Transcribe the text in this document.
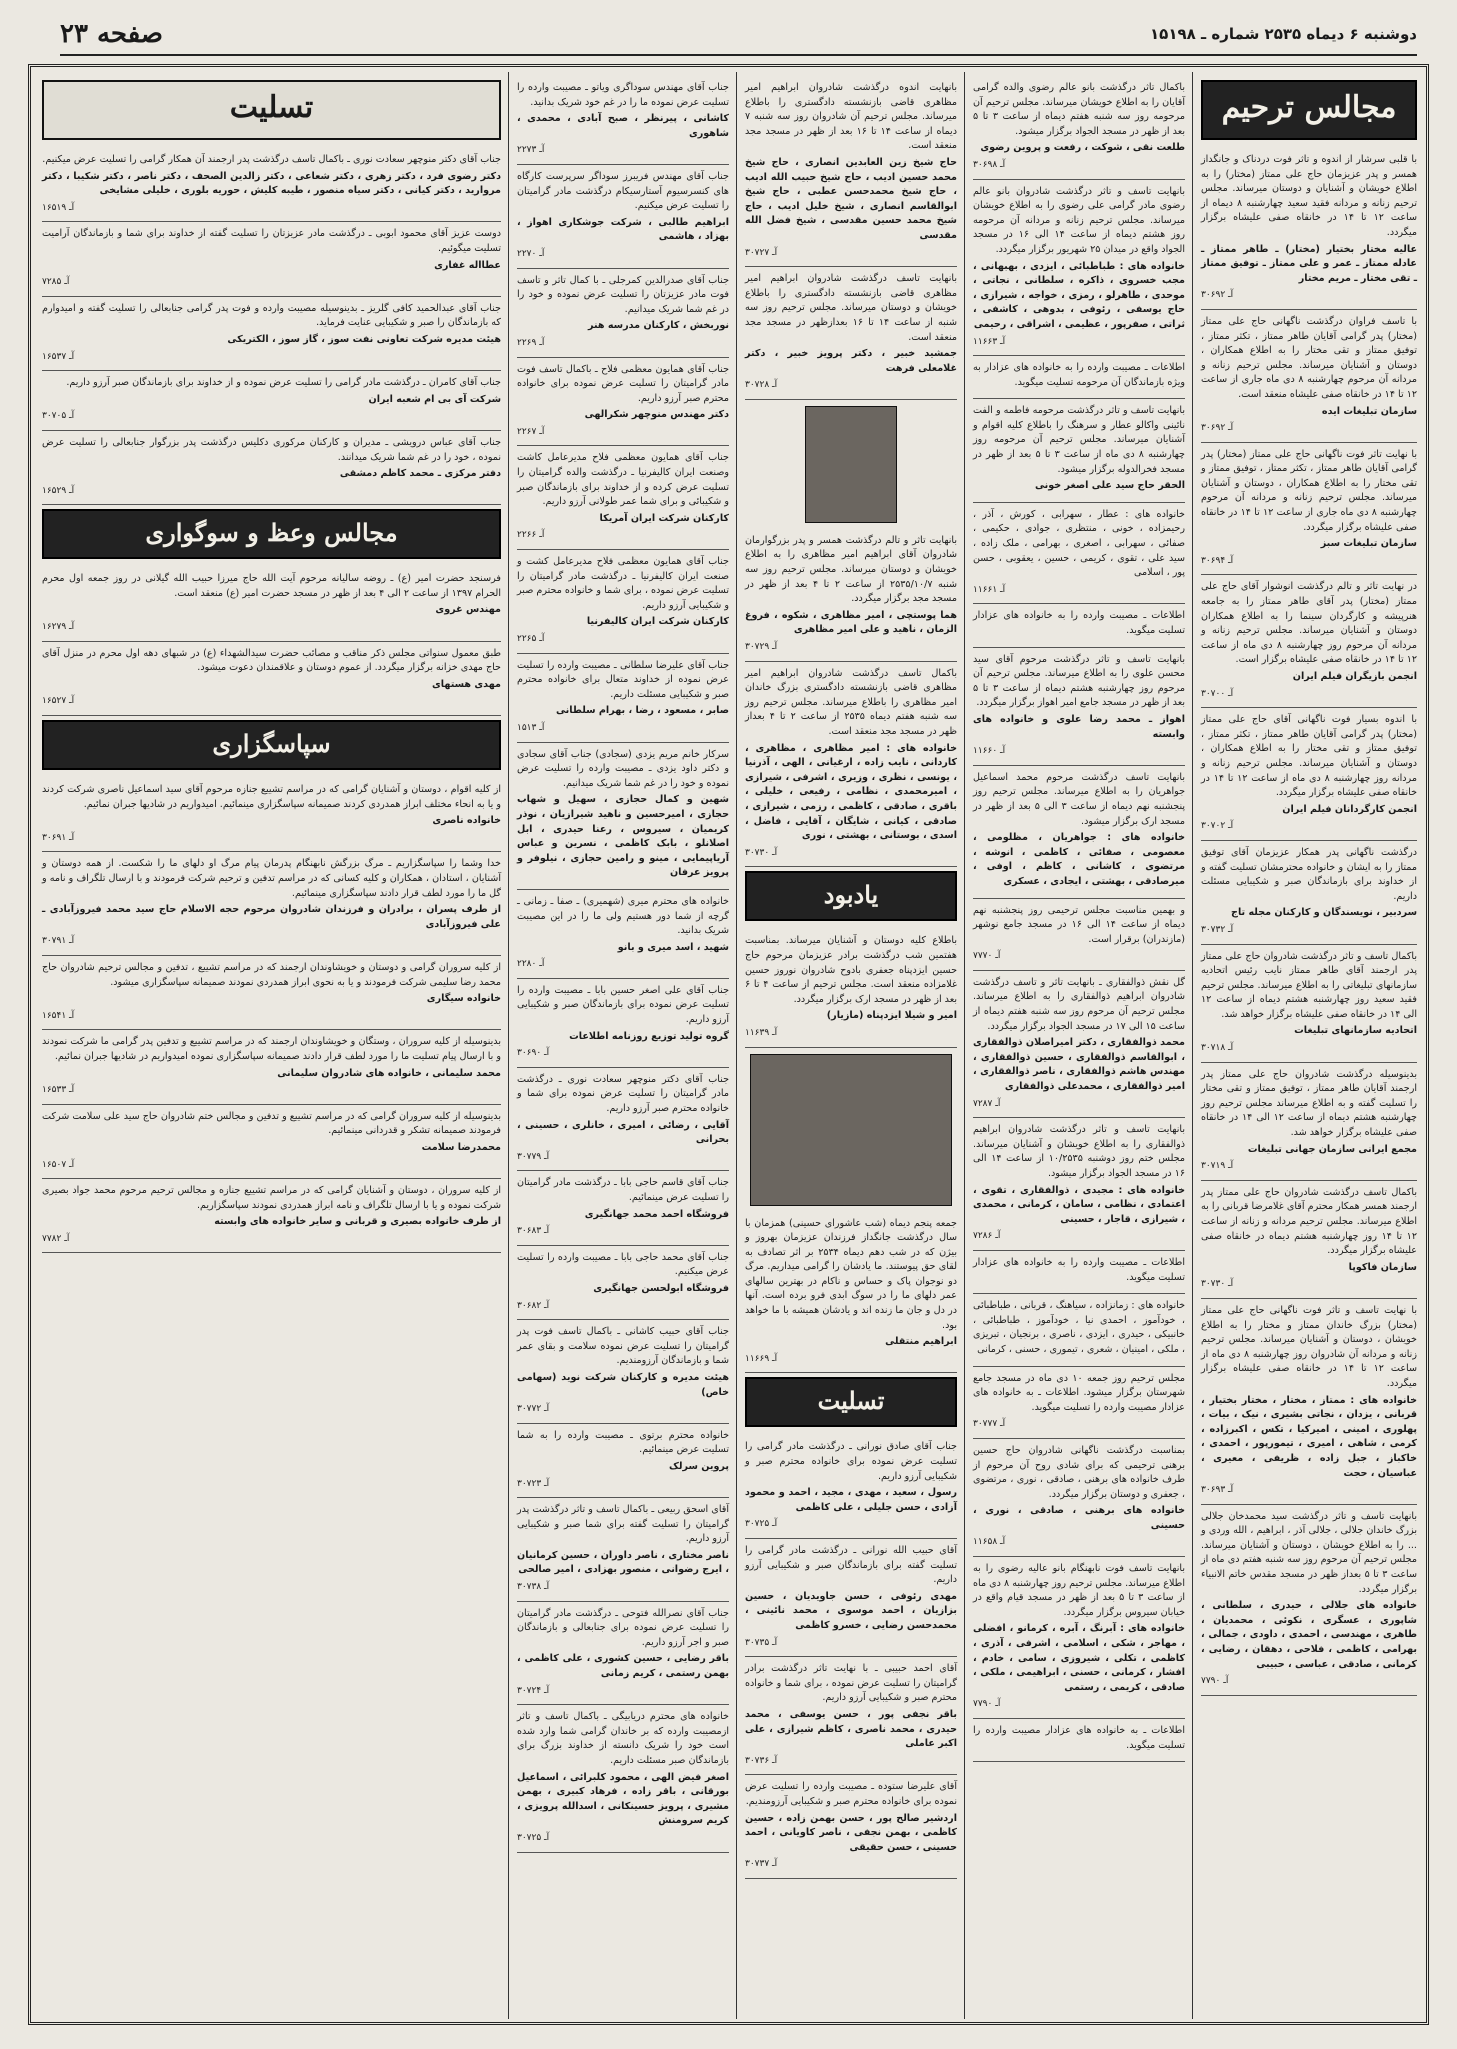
دوشنبه ۶ دیماه ۲۵۳۵ شماره ـ ۱۵۱۹۸
صفحه ۲۳
مجالس ترحیم

با قلبی سرشار از اندوه و تاثر فوت دردناک و جانگداز همسر و پدر عزیزمان حاج علی ممتاز (مختار) را به اطلاع خویشان و آشنایان و دوستان میرساند. مجلس ترحیم زنانه و مردانه فقید سعید چهارشنبه ۸ دیماه از ساعت ۱۲ تا ۱۴ در خانقاه صفی علیشاه برگزار میگردد.

عالیه مختار بختیار (مختار) ـ طاهر ممتاز ـ عادله ممتاز ـ عمر و علی ممتاز ـ توفیق ممتاز ـ تقی مختار ـ مریم مختار

آـ ۳۰۶۹۲

با تاسف فراوان درگذشت ناگهانی حاج علی ممتاز (مختار) پدر گرامی آقایان طاهر ممتاز ، تکثر ممتاز ، توفیق ممتاز و تقی مختار را به اطلاع همکاران ، دوستان و آشنایان میرساند. مجلس ترحیم زنانه و مردانه آن مرحوم چهارشنبه ۸ دی ماه جاری از ساعت ۱۲ تا ۱۴ در خانقاه صفی علیشاه منعقد است.

سازمان تبلیغات ایده

آـ ۳۰۶۹۲

با نهایت تاثر فوت ناگهانی حاج علی ممتاز (مختار) پدر گرامی آقایان طاهر ممتاز ، تکثر ممتاز ، توفیق ممتاز و تقی مختار را به اطلاع همکاران ، دوستان و آشنایان میرساند. مجلس ترحیم زنانه و مردانه آن مرحوم چهارشنبه ۸ دی ماه جاری از ساعت ۱۲ تا ۱۴ در خانقاه صفی علیشاه برگزار میگردد.

سازمان تبلیغات سبز

آـ ۳۰۶۹۴

در نهایت تاثر و تالم درگذشت انوشوار آقای حاج علی ممتاز (مختار) پدر آقای طاهر ممتاز را به جامعه هنرپیشه و کارگردان سینما را به اطلاع همکاران دوستان و آشنایان میرساند. مجلس ترحیم زنانه و مردانه آن مرحوم روز چهارشنبه ۸ دی ماه از ساعت ۱۲ تا ۱۴ در خانقاه صفی علیشاه برگزار است.

انجمن بازیگران فیلم ایران

آـ ۳۰۷۰۰

با اندوه بسیار فوت ناگهانی آقای حاج علی ممتاز (مختار) پدر گرامی آقایان طاهر ممتاز ، تکثر ممتاز ، توفیق ممتاز و تقی مختار را به اطلاع همکاران ، دوستان و آشنایان میرساند. مجلس ترحیم زنانه و مردانه روز چهارشنبه ۸ دی ماه از ساعت ۱۲ تا ۱۴ در خانقاه صفی علیشاه برگزار میگردد.

انجمن کارگردانان فیلم ایران

آـ ۳۰۷۰۲

درگذشت ناگهانی پدر همکار عزیزمان آقای توفیق ممتاز را به ایشان و خانواده محترمشان تسلیت گفته و از خداوند برای بازماندگان صبر و شکیبایی مسئلت داریم.

سردبیر ، نویسندگان و کارکنان مجله تاج

آـ ۳۰۷۳۲

باکمال تاسف و تاثر درگذشت شادروان حاج علی ممتاز پدر ارجمند آقای طاهر ممتاز نایب رئیس اتحادیه سازمانهای تبلیغاتی را به اطلاع میرساند. مجلس ترحیم فقید سعید روز چهارشنبه هشتم دیماه از ساعت ۱۲ الی ۱۴ در خانقاه صفی علیشاه برگزار خواهد شد.

اتحادیه سازمانهای تبلیغات

آـ ۳۰۷۱۸

بدینوسیله درگذشت شادروان حاج علی ممتاز پدر ارجمند آقایان طاهر ممتاز ، توفیق ممتاز و تقی مختار را تسلیت گفته و به اطلاع میرساند مجلس ترحیم روز چهارشنبه هشتم دیماه از ساعت ۱۲ الی ۱۴ در خانقاه صفی علیشاه برگزار خواهد شد.

مجمع ایرانی سازمان جهانی تبلیغات

آـ ۳۰۷۱۹

باکمال تاسف درگذشت شادروان حاج علی ممتاز پدر ارجمند همسر همکار محترم آقای غلامرضا قربانی را به اطلاع میرساند. مجلس ترحیم مردانه و زنانه از ساعت ۱۲ تا ۱۴ روز چهارشنبه هشتم دیماه در خانقاه صفی علیشاه برگزار میگردد.

سازمان فاکوپا

آـ ۳۰۷۳۰

با نهایت تاسف و تاثر فوت ناگهانی حاج علی ممتاز (مختار) بزرگ خاندان ممتاز و مختار را به اطلاع خویشان ، دوستان و آشنایان میرساند. مجلس ترحیم زنانه و مردانه آن شادروان روز چهارشنبه ۸ دی ماه از ساعت ۱۲ تا ۱۴ در خانقاه صفی علیشاه برگزار میگردد.

خانواده های : ممتاز ، مختار ، مختار بختیار ، قربانی ، یزدان ، نجاتی بشیری ، نیک ، بیات ، پهلوری ، امینی ، امیرکیا ، تکس ، اکبرزاده ، کرمی ، شاهی ، امیری ، تیمورپور ، احمدی ، خاکباز ، جبل زاده ، ظریفی ، معیری ، عباسیان ، حجت

آـ ۳۰۶۹۳

بانهایت تاسف و تاثر درگذشت سید محمدخان جلالی بزرگ خاندان جلالی ، جلالی آذر ، ابراهیم ، الله وردی و ... را به اطلاع خویشان ، دوستان و آشنایان میرساند. مجلس ترحیم آن مرحوم روز سه شنبه هفتم دی ماه از ساعت ۳ تا ۵ بعداز ظهر در مسجد مقدس خاتم الانبیاء برگزار میگردد.

خانواده های جلالی ، حیدری ، سلطانی ، شاپوری ، عسگری ، نکوئی ، محمدیان ، طاهری ، مهندسی ، احمدی ، داودی ، جمالی ، بهرامی ، کاظمی ، فلاحی ، دهقان ، رضایی ، کرمانی ، صادقی ، عباسی ، حبیبی

آـ ۷۷۹۰

باکمال تاثر درگذشت بانو عالم رضوی والده گرامی آقایان را به اطلاع خویشان میرساند. مجلس ترحیم آن مرحومه روز سه شنبه هفتم دیماه از ساعت ۳ تا ۵ بعد از ظهر در مسجد الجواد برگزار میشود.

طلعت نقی ، شوکت ، رفعت و پروین رضوی

آـ ۳۰۶۹۸

بانهایت تاسف و تاثر درگذشت شادروان بانو عالم رضوی مادر گرامی علی رضوی را به اطلاع خویشان میرساند. مجلس ترحیم زنانه و مردانه آن مرحومه روز هشتم دیماه از ساعت ۱۴ الی ۱۶ در مسجد الجواد واقع در میدان ۲۵ شهریور برگزار میگردد.

خانواده های : طباطبائی ، ایزدی ، بهبهانی ، مجب خسروی ، ذاکره ، سلطانی ، نجاتی ، موحدی ، طاهرلو ، رمزی ، خواجه ، شیرازی ، حاج یوسفی ، رئوفی ، بدوهی ، کاشفی ، ثراتی ، صفرپور ، عظیمی ، اشراقی ، رحیمی

آـ ۱۱۶۶۳

اطلاعات ـ مصیبت وارده را به خانواده های عزادار به ویژه بازماندگان آن مرحومه تسلیت میگوید.

بانهایت تاسف و تاثر درگذشت مرحومه فاطمه و الفت نائینی واکالو عطار و سرهنگ را باطلاع کلیه اقوام و آشنایان میرساند. مجلس ترحیم آن مرحومه روز چهارشنبه ۸ دی ماه از ساعت ۳ تا ۵ بعد از ظهر در مسجد فخرالدوله برگزار میشود.

الحقر حاج سید علی اصغر خونی

خانواده های : عطار ، سهرابی ، کورش ، آذر ، رحیمزاده ، خونی ، منتظری ، جوادی ، حکیمی ، صفائی ، سهرابی ، اصغری ، بهرامی ، ملک زاده ، سید علی ، تقوی ، کریمی ، حسین ، یعقوبی ، حسن پور ، اسلامی

آـ ۱۱۶۶۱

اطلاعات ـ مصیبت وارده را به خانواده های عزادار تسلیت میگوید.

بانهایت تاسف و تاثر درگذشت مرحوم آقای سید محسن علوی را به اطلاع میرساند. مجلس ترحیم آن مرحوم روز چهارشنبه هشتم دیماه از ساعت ۳ تا ۵ بعد از ظهر در مسجد جامع امیر اهواز برگزار میگردد.

اهواز ـ محمد رضا علوی و خانواده های وابسته

آـ ۱۱۶۶۰

بانهایت تاسف درگذشت مرحوم محمد اسماعیل جواهریان را به اطلاع میرساند. مجلس ترحیم روز پنجشنبه نهم دیماه از ساعت ۳ الی ۵ بعد از ظهر در مسجد ارک برگزار میشود.

خانواده های : جواهریان ، مظلومی ، معصومی ، صفائی ، کاظمی ، انوشه ، مرتضوی ، کاشانی ، کاظم ، اوفی ، میرصادقی ، بهشتی ، ایجادی ، عسکری

و بهمین مناسبت مجلس ترحیمی روز پنجشنبه نهم دیماه از ساعت ۱۴ الی ۱۶ در مسجد جامع نوشهر (مازندران) برقرار است.

آـ ۷۷۷۰

گل نقش ذوالفقاری ـ بانهایت تاثر و تاسف درگذشت شادروان ابراهیم ذوالفقاری را به اطلاع میرساند. مجلس ترحیم آن مرحوم روز سه شنبه هفتم دیماه از ساعت ۱۵ الی ۱۷ در مسجد الجواد برگزار میگردد.

محمد ذوالفقاری ، دکتر امیراصلان ذوالفقاری ، ابوالقاسم ذوالفقاری ، حسین ذوالفقاری ، مهندس هاشم ذوالفقاری ، ناصر ذوالفقاری ، امیر ذوالفقاری ، محمدعلی ذوالفقاری

آـ ۷۲۸۷

بانهایت تاسف و تاثر درگذشت شادروان ابراهیم ذوالفقاری را به اطلاع خویشان و آشنایان میرساند. مجلس ختم روز دوشنبه ۱۰/۲۵۳۵ از ساعت ۱۴ الی ۱۶ در مسجد الجواد برگزار میشود.

خانواده های : مجیدی ، ذوالفقاری ، تقوی ، اعتمادی ، نظامی ، سامان ، کرمانی ، محمدی ، شیرازی ، قاجار ، حسینی

آـ ۷۲۸۶

اطلاعات ـ مصیبت وارده را به خانواده های عزادار تسلیت میگوید.

خانواده های : زمانزاده ، سیاهنگ ، قربانی ، طباطبائی ، خودآموز ، احمدی نیا ، خودآموز ، طباطبائی ، خانبیکی ، حیدری ، ایزدی ، ناصری ، برنجیان ، تبریزی ، ملکی ، امینیان ، شعری ، تیموری ، حسنی ، کرمانی

مجلس ترحیم روز جمعه ۱۰ دی ماه در مسجد جامع شهرستان برگزار میشود. اطلاعات ـ به خانواده های عزادار مصیبت وارده را تسلیت میگوید.

آـ ۳۰۷۷۷

بمناسبت درگذشت ناگهانی شادروان حاج حسین برهنی ترحیمی که برای شادی روح آن مرحوم از طرف خانواده های برهنی ، صادقی ، نوری ، مرتضوی ، جعفری و دوستان برگزار میگردد.

خانواده های برهنی ، صادقی ، نوری ، حسینی

آـ ۱۱۶۵۸

بانهایت تاسف فوت نابهنگام بانو عالیه رضوی را به اطلاع میرساند. مجلس ترحیم روز چهارشنبه ۸ دی ماه از ساعت ۳ تا ۵ بعد از ظهر در مسجد قیام واقع در خیابان سیروس برگزار میگردد.

خانواده های : آبرنگ ، آبره ، کرمانو ، افضلی ، مهاجر ، شکی ، اسلامی ، اشرفی ، آذری ، کاظمی ، تکلی ، شیروزی ، سامی ، خادم ، افشار ، کرمانی ، حسنی ، ابراهیمی ، ملکی ، صادقی ، کریمی ، رستمی

آـ ۷۷۹۰

اطلاعات ـ به خانواده های عزادار مصیبت وارده را تسلیت میگوید.

بانهایت اندوه درگذشت شادروان ابراهیم امیر مظاهری قاضی بازنشسته دادگستری را باطلاع میرساند. مجلس ترحیم آن شادروان روز سه شنبه ۷ دیماه از ساعت ۱۴ تا ۱۶ بعد از ظهر در مسجد مجد منعقد است.

حاج شیخ زین العابدین انصاری ، حاج شیخ محمد حسین ادیب ، حاج شیخ حبیب الله ادیب ، حاج شیخ محمدحسن عطبی ، حاج شیخ ابوالقاسم انصاری ، شیخ خلیل ادیب ، حاج شیخ محمد حسین مقدسی ، شیخ فضل الله مقدسی

آـ ۳۰۷۲۷

بانهایت تاسف درگذشت شادروان ابراهیم امیر مظاهری قاضی بازنشسته دادگستری را باطلاع خویشان و دوستان میرساند. مجلس ترحیم روز سه شنبه از ساعت ۱۴ تا ۱۶ بعدازظهر در مسجد مجد منعقد است.

جمشید خبیر ، دکتر پرویز خبیر ، دکتر غلامعلی فرهت

آـ ۳۰۷۲۸

بانهایت تاثر و تالم درگذشت همسر و پدر بزرگوارمان شادروان آقای ابراهیم امیر مظاهری را به اطلاع خویشان و دوستان میرساند. مجلس ترحیم روز سه شنبه ۲۵۳۵/۱۰/۷ از ساعت ۲ تا ۴ بعد از ظهر در مسجد مجد برگزار میگردد.

هما پوستچی ، امیر مظاهری ، شکوه ، فروغ الزمان ، ناهید و علی امیر مظاهری

آـ ۳۰۷۲۹

باکمال تاسف درگذشت شادروان ابراهیم امیر مظاهری قاضی بازنشسته دادگستری بزرگ خاندان امیر مظاهری را باطلاع میرساند. مجلس ترحیم روز سه شنبه هفتم دیماه ۲۵۳۵ از ساعت ۲ تا ۴ بعداز ظهر در مسجد مجد منعقد است.

خانواده های : امیر مظاهری ، مظاهری ، کاردانی ، نایب زاده ، ارغیانی ، الهی ، آذرنیا ، یونسی ، نظری ، وزیری ، اشرفی ، شیرازی ، امیرمحمدی ، نظامی ، رفیعی ، خلیلی ، باقری ، صادقی ، کاظمی ، رزمی ، شیرازی ، صادقی ، کیانی ، شایگان ، آقایی ، فاضل ، اسدی ، بوستانی ، بهشتی ، نوری

آـ ۳۰۷۳۰
یادبود

باطلاع کلیه دوستان و آشنایان میرساند. بمناسبت هفتمین شب درگذشت برادر عزیزمان مرحوم حاج حسین ایزدپناه جعفری بادوح شادروان نوروز حسین غلامزاده منعقد است. مجلس ترحیم از ساعت ۴ تا ۶ بعد از ظهر در مسجد ارک برگزار میگردد.

امیر و شیلا ایزدپناه (مازیار)

آـ ۱۱۶۳۹

جمعه پنجم دیماه (شب عاشورای حسینی) همزمان با سال درگذشت جانگداز فرزندان عزیزمان بهروز و بیژن که در شب دهم دیماه ۲۵۳۴ بر اثر تصادف به لقای حق پیوستند. ما یادشان را گرامی میداریم. مرگ دو نوجوان پاک و حساس و ناکام در بهترین سالهای عمر دلهای ما را در سوگ ابدی فرو برده است. آنها در دل و جان ما زنده اند و یادشان همیشه با ما خواهد بود.

ابراهیم منتقلی

آـ ۱۱۶۶۹
تسلیت

جناب آقای صادق نورانی ـ درگذشت مادر گرامی را تسلیت عرض نموده برای خانواده محترم صبر و شکیبایی آرزو داریم.

رسول ، سعید ، مهدی ، مجید ، احمد و محمود آزادی ، حسن جلیلی ، علی کاظمی

آـ ۳۰۷۲۵

آقای حبیب الله نورانی ـ درگذشت مادر گرامی را تسلیت گفته برای بازماندگان صبر و شکیبایی آرزو داریم.

مهدی رئوفی ، حسن جاویدیان ، حسین بزازیان ، احمد موسوی ، محمد نائینی ، محمدحسن رضایی ، خسرو کاظمی

آـ ۳۰۷۳۵

آقای احمد حبیبی ـ با نهایت تاثر درگذشت برادر گرامیتان را تسلیت عرض نموده ، برای شما و خانواده محترم صبر و شکیبایی آرزو داریم.

باقر نجفی پور ، حسن یوسفی ، محمد حیدری ، محمد ناصری ، کاظم شیرازی ، علی اکبر عاملی

آـ ۳۰۷۳۶

آقای علیرضا ستوده ـ مصیبت وارده را تسلیت عرض نموده برای خانواده محترم صبر و شکیبایی آرزومندیم.

اردشیر صالح پور ، حسن بهمن زاده ، حسین کاظمی ، بهمن نجفی ، ناصر کاویانی ، احمد حسینی ، حسن حقیقی

آـ ۳۰۷۳۷

جناب آقای مهندس سوداگری ویاتو ـ مصیبت وارده را تسلیت عرض نموده ما را در غم خود شریک بدانید.

کاشانی ، پیرنظر ، صبح آبادی ، محمدی ، شاهوری

آـ ۲۲۷۳

جناب آقای مهندس فریبرز سوداگر سرپرست کارگاه های کنسرسیوم آستارسیکام درگذشت مادر گرامیتان را تسلیت عرض میکنیم.

ابراهیم طالبی ، شرکت جوشکاری اهواز ، بهزاد ، هاشمی

آـ ۲۲۷۰

جناب آقای صدرالدین کمرجلی ـ با کمال تاثر و تاسف فوت مادر عزیزتان را تسلیت عرض نموده و خود را در غم شما شریک میدانیم.

نوربخش ، کارکنان مدرسه هنر

آـ ۲۲۶۹

جناب آقای همایون معظمی فلاح ـ باکمال تاسف فوت مادر گرامیتان را تسلیت عرض نموده برای خانواده محترم صبر آرزو داریم.

دکتر مهندس منوچهر شکرالهی

آـ ۲۲۶۷

جناب آقای همایون معظمی فلاح مدیرعامل کاشت وصنعت ایران کالیفرنیا ـ درگذشت والده گرامیتان را تسلیت عرض کرده و از خداوند برای بازماندگان صبر و شکیبائی و برای شما عمر طولانی آرزو داریم.

کارکنان شرکت ایران آمریکا

آـ ۲۲۶۶

جناب آقای همایون معظمی فلاح مدیرعامل کشت و صنعت ایران کالیفرنیا ـ درگذشت مادر گرامیتان را تسلیت عرض نموده ، برای شما و خانواده محترم صبر و شکیبایی آرزو داریم.

کارکنان شرکت ایران کالیفرنیا

آـ ۲۲۶۵

جناب آقای علیرضا سلطانی ـ مصیبت وارده را تسلیت عرض نموده از خداوند متعال برای خانواده محترم صبر و شکیبایی مسئلت داریم.

صابر ، مسعود ، رضا ، بهرام سلطانی

آـ ۱۵۱۳

سرکار خانم مریم یزدی (سجادی) جناب آقای سجادی و دکتر داود یزدی ـ مصیبت وارده را تسلیت عرض نموده و خود را در غم شما شریک میدانیم.

شهین و کمال حجازی ، سهیل و شهاب حجازی ، امیرحسین و ناهید شیرازیان ، نوذر کریمیان ، سیروس ، رعنا حیدری ، ابل اصلانلو ، بابک کاظمی ، نسرین و عباس آریاپیمایی ، مینو و رامین حجازی ، نیلوفر و پرویز عرفان

خانواده های محترم میری (شهمیری) ـ صفا ـ زمانی ـ گرچه از شما دور هستیم ولی ما را در این مصیبت شریک بدانید.

شهید ، اسد میری و بانو

آـ ۲۲۸۰

جناب آقای علی اصغر حسین بابا ـ مصیبت وارده را تسلیت عرض نموده برای بازماندگان صبر و شکیبایی آرزو داریم.

گروه تولید توزیع روزنامه اطلاعات

آـ ۳۰۶۹۰

جناب آقای دکتر منوچهر سعادت نوری ـ درگذشت مادر گرامیتان را تسلیت عرض نموده برای شما و خانواده محترم صبر آرزو داریم.

آقایی ، رضائی ، امیری ، خانلری ، حسینی ، بحرانی

آـ ۳۰۷۷۹

جناب آقای قاسم حاجی بابا ـ درگذشت مادر گرامیتان را تسلیت عرض مینمائیم.

فروشگاه احمد محمد جهانگیری

آـ ۳۰۶۸۳

جناب آقای محمد حاجی بابا ـ مصیبت وارده را تسلیت عرض میکنیم.

فروشگاه ابولحسن جهانگیری

آـ ۳۰۶۸۲

جناب آقای حبیب کاشانی ـ باکمال تاسف فوت پدر گرامیتان را تسلیت عرض نموده سلامت و بقای عمر شما و بازماندگان آرزومندیم.

هیئت مدیره و کارکنان شرکت نوید (سهامی خاص)

آـ ۳۰۷۷۲

خانواده محترم برتوی ـ مصیبت وارده را به شما تسلیت عرض مینمائیم.

پروین سرلک

آـ ۳۰۷۲۳

آقای اسحق ربیعی ـ باکمال تاسف و تاثر درگذشت پدر گرامیتان را تسلیت گفته برای شما صبر و شکیبایی آرزو داریم.

ناصر مختاری ، ناصر داوران ، حسین کرمانیان ، ایرج رضوانی ، منصور بهزادی ، امیر صالحی

آـ ۳۰۷۳۸

جناب آقای نصرالله فتوحی ـ درگذشت مادر گرامیتان را تسلیت عرض نموده برای جنابعالی و بازماندگان صبر و اجر آرزو داریم.

باقر رضایی ، حسین کشوری ، علی کاظمی ، بهمن رستمی ، کریم زمانی

آـ ۳۰۷۲۴

خانواده های محترم دریابیگی ـ باکمال تاسف و تاثر ازمصیبت وارده که بر خاندان گرامی شما وارد شده است خود را شریک دانسته از خداوند بزرگ برای بازماندگان صبر مسئلت داریم.

اصغر فیض الهی ، محمود کلبرائی ، اسماعیل بورقانی ، باقر زاده ، فرهاد کبیری ، بهمن مشیری ، پرویز حسینکانی ، اسدالله پرویزی ، کریم سرومنش

آـ ۳۰۷۲۵
تسلیت

جناب آقای دکتر منوچهر سعادت نوری ـ باکمال تاسف درگذشت پدر ارجمند آن همکار گرامی را تسلیت عرض میکنیم.

دکتر رضوی فرد ، دکتر زهری ، دکتر شعاعی ، دکتر زالدین الصحف ، دکتر ناصر ، دکتر شکیبا ، دکتر مرواريد ، دکتر کیانی ، دکتر سیاه منصور ، طیبه کلیش ، حوریه بلوری ، خلیلی مشایخی

آـ ۱۶۵۱۹

دوست عزیز آقای محمود ابوبی ـ درگذشت مادر عزیزتان را تسلیت گفته از خداوند برای شما و بازماندگان آرامیت تسلیت میگوئیم.

عطااله غفاری

آـ ۷۲۸۵

جناب آقای عبدالحمید کافی گلریز ـ بدینوسیله مصیبت وارده و فوت پدر گرامی جنابعالی را تسلیت گفته و امیدوارم که بازماندگان را صبر و شکیبایی عنایت فرماید.

هیئت مدیره شرکت تعاونی نفت سوز ، گاز سوز ، الکتریکی

آـ ۱۶۵۳۷

جناب آقای کامران ـ درگذشت مادر گرامی را تسلیت عرض نموده و از خداوند برای بازماندگان صبر آرزو داریم.

شرکت آی بی ام شعبه ایران

آـ ۳۰۷۰۵

جناب آقای عباس درویشی ـ مدیران و کارکنان مرکوری دکلیس درگذشت پدر بزرگوار جنابعالی را تسلیت عرض نموده ، خود را در غم شما شریک میدانند.

دفتر مرکزی ـ محمد کاظم دمشقی

آـ ۱۶۵۲۹
مجالس وعظ و سوگواری

فرسنجد حضرت امیر (ع) ـ روضه ساليانه مرحوم آیت الله حاج میرزا حبیب الله گیلانی در روز جمعه اول محرم الحرام ۱۳۹۷ از ساعت ۲ الی ۴ بعد از ظهر در مسجد حضرت امیر (ع) منعقد است.

مهندس غروی

آـ ۱۶۲۷۹

طبق معمول سنواتی مجلس ذکر مناقب و مصائب حضرت سیدالشهداء (ع) در شبهای دهه اول محرم در منزل آقای حاج مهدی خزانه برگزار میگردد. از عموم دوستان و علاقمندان دعوت میشود.

مهدی هستهای

آـ ۱۶۵۲۷
سپاسگزاری

از کلیه اقوام ، دوستان و آشنایان گرامی که در مراسم تشییع جنازه مرحوم آقای سید اسماعیل ناصری شرکت کردند و یا به انحاء مختلف ابراز همدردی کردند صمیمانه سپاسگزاری مینمائیم. امیدواریم در شادیها جبران نمائیم.

خانواده ناصری

آـ ۳۰۶۹۱

خدا وشما را سپاسگزاریم ـ مرگ بزرگش نابهنگام پدرمان پیام مرگ او دلهای ما را شکست. از همه دوستان و آشنایان ، استادان ، همکاران و کلیه کسانی که در مراسم تدفین و ترحیم شرکت فرمودند و با ارسال تلگراف و نامه و گل ما را مورد لطف قرار دادند سپاسگزاری مینمائیم.

از طرف پسران ، برادران و فرزندان شادروان مرحوم حجه الاسلام حاج سید محمد فیروزآبادی ـ علی فیروزآبادی

آـ ۳۰۷۹۱

از کلیه سروران گرامی و دوستان و خویشاوندان ارجمند که در مراسم تشییع ، تدفین و مجالس ترحیم شادروان حاج محمد رضا سلیمی شرکت فرمودند و یا به نحوی ابراز همدردی نمودند صمیمانه سپاسگزاری میشود.

خانواده سیگاری

آـ ۱۶۵۴۱

بدینوسیله از کلیه سروران ، وستگان و خویشاوندان ارجمند که در مراسم تشییع و تدفین پدر گرامی ما شرکت نمودند و با ارسال پیام تسلیت ما را مورد لطف قرار دادند صمیمانه سپاسگزاری نموده امیدواریم در شادیها جبران نمائیم.

محمد سلیمانی ، خانواده های شادروان سلیمانی

آـ ۱۶۵۳۳

بدینوسیله از کلیه سروران گرامی که در مراسم تشییع و تدفین و مجالس ختم شادروان حاج سید علی سلامت شرکت فرمودند صمیمانه تشکر و قدردانی مینمائیم.

محمدرضا سلامت

آـ ۱۶۵۰۷

از کلیه سروران ، دوستان و آشنایان گرامی که در مراسم تشییع جنازه و مجالس ترحیم مرحوم محمد جواد بصیری شرکت نموده و یا با ارسال تلگراف و نامه ابراز همدردی نمودند سپاسگزاریم.

از طرف خانواده بصیری و قربانی و سایر خانواده های وابسته

آـ ۷۷۸۲
